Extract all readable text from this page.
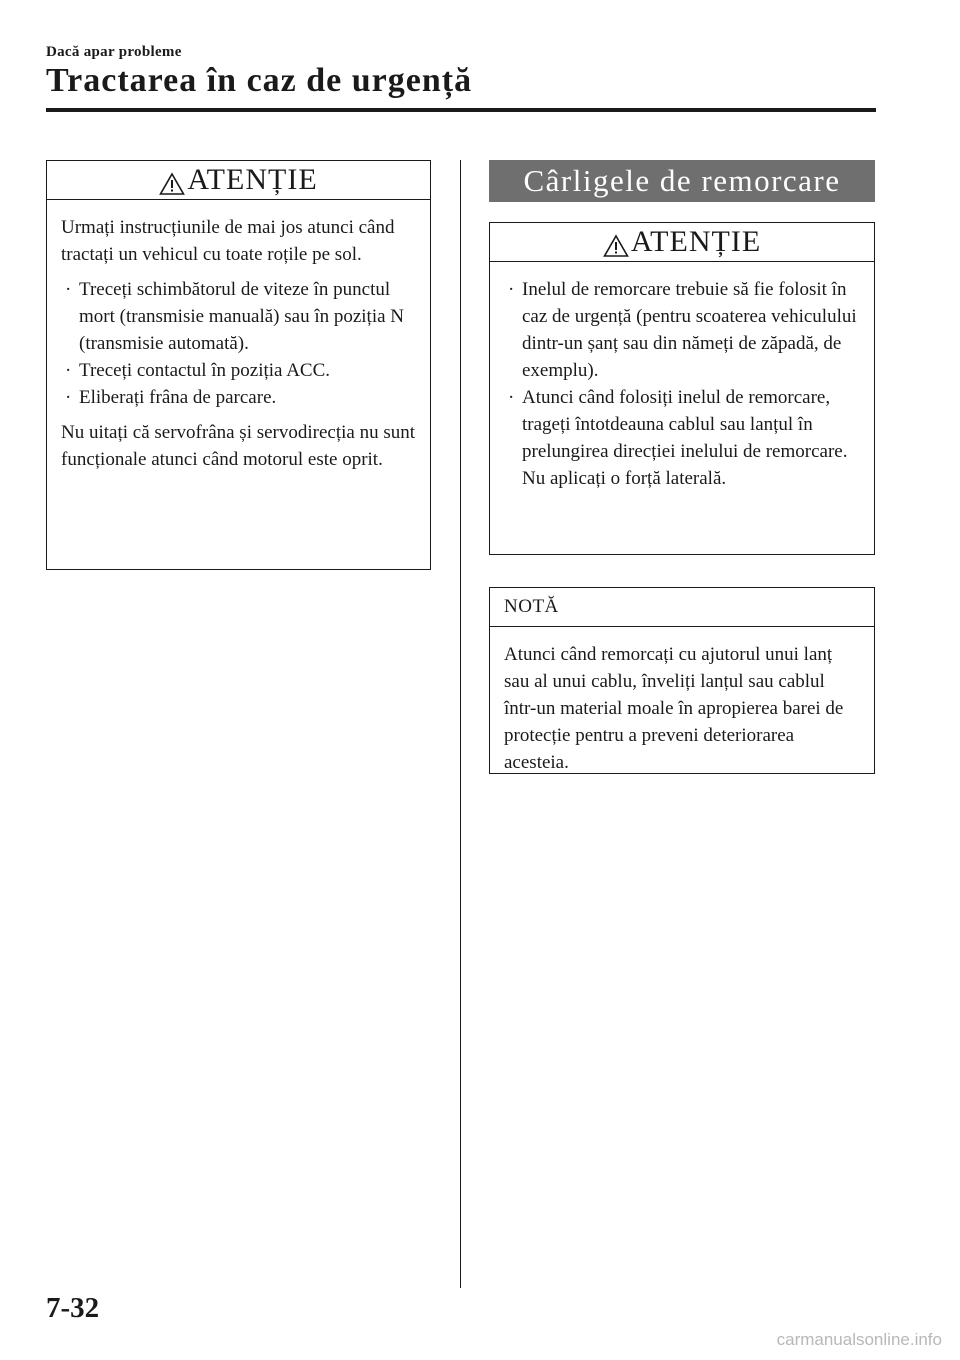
Dacă apar probleme
Tractarea în caz de urgență
ATENȚIE

Urmați instrucțiunile de mai jos atunci când tractați un vehicul cu toate roțile pe sol.

· Treceți schimbătorul de viteze în punctul mort (transmisie manuală) sau în poziția N (transmisie automată).
· Treceți contactul în poziția ACC.
· Eliberați frâna de parcare.

Nu uitați că servofrâna și servodirecția nu sunt funcționale atunci când motorul este oprit.

Cârligele de remorcare
ATENȚIE
· Inelul de remorcare trebuie să fie folosit în caz de urgență (pentru scoaterea vehiculului dintr-un șanț sau din nămeți de zăpadă, de exemplu).
· Atunci când folosiți inelul de remorcare, trageți întotdeauna cablul sau lanțul în prelungirea direcției inelului de remorcare. Nu aplicați o forță laterală.
NOTĂ

Atunci când remorcați cu ajutorul unui lanț sau al unui cablu, înveliți lanțul sau cablul într-un material moale în apropierea barei de protecție pentru a preveni deteriorarea acesteia.

7-32
carmanualsonline.info
